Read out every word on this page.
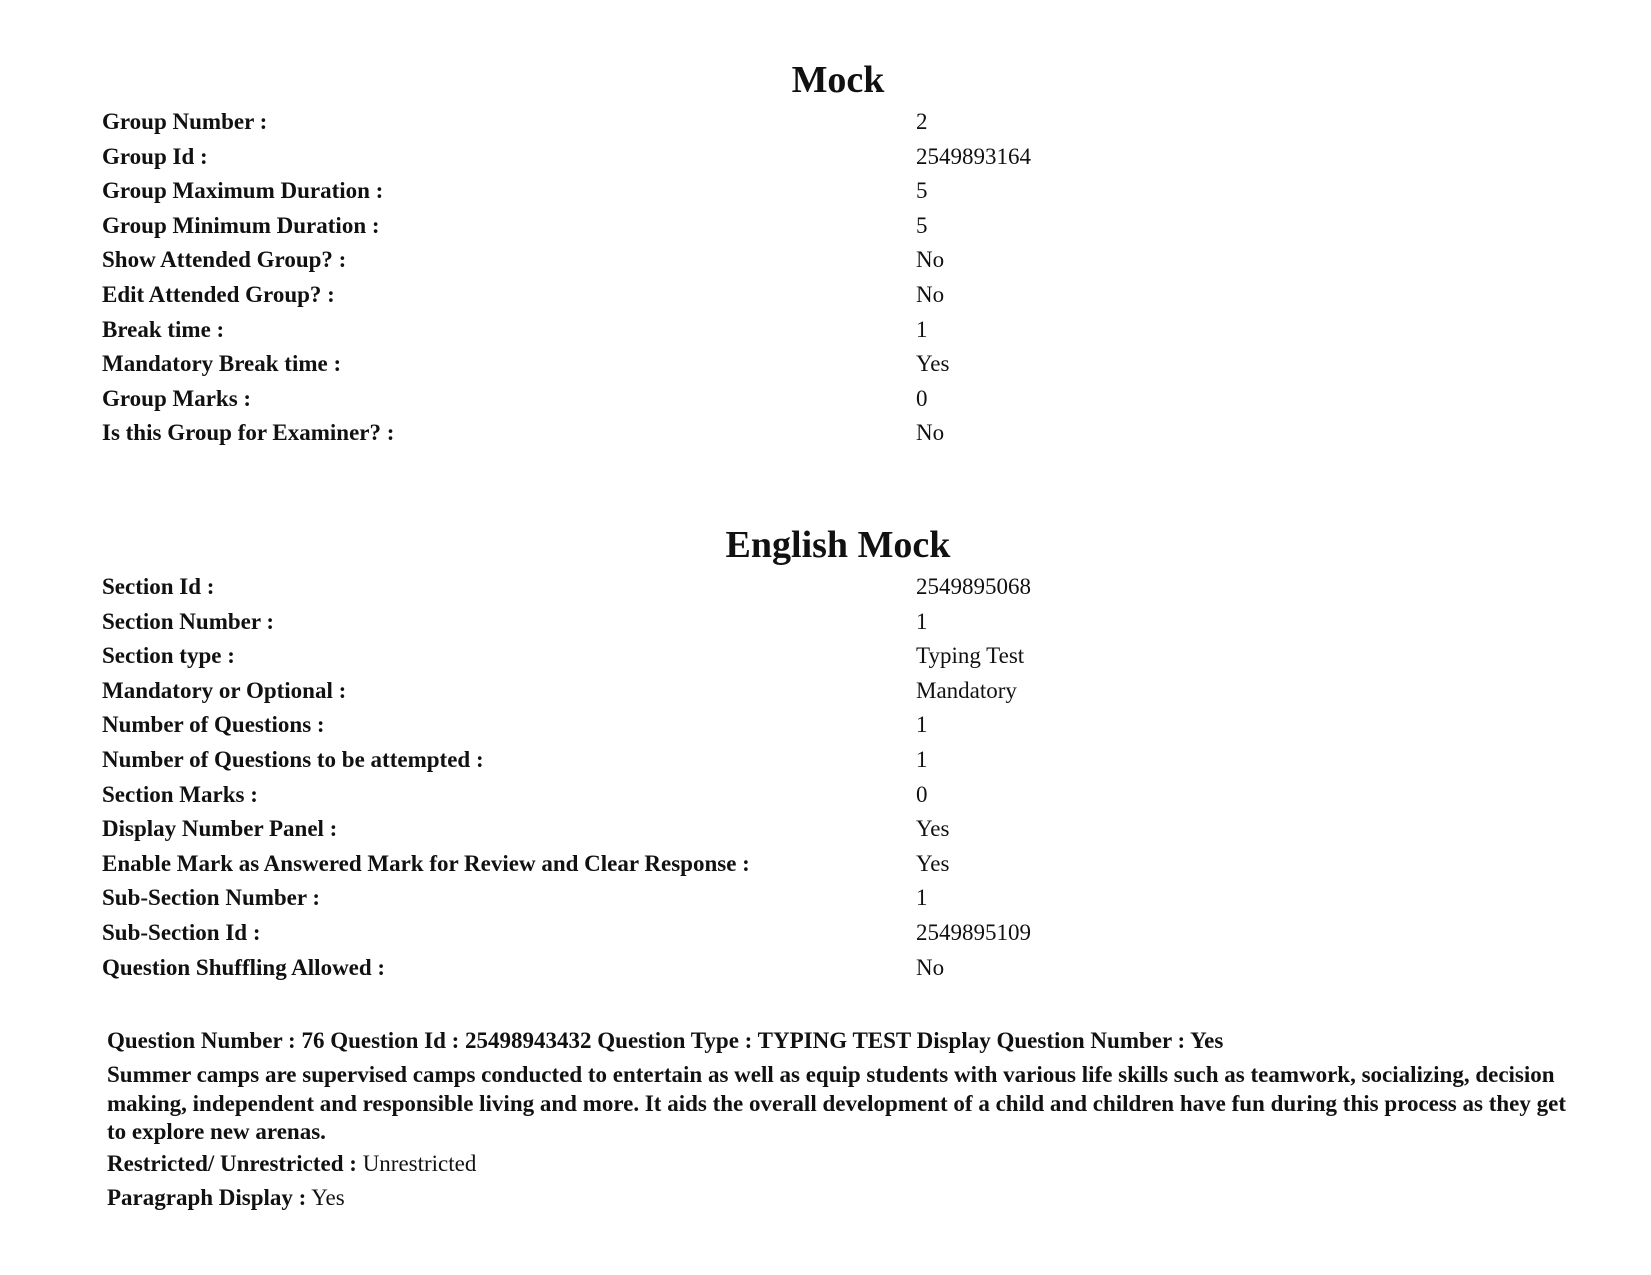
Mock
Group Number :	2
Group Id :	2549893164
Group Maximum Duration :	5
Group Minimum Duration :	5
Show Attended Group? :	No
Edit Attended Group? :	No
Break time :	1
Mandatory Break time :	Yes
Group Marks :	0
Is this Group for Examiner? :	No
English Mock
Section Id :	2549895068
Section Number :	1
Section type :	Typing Test
Mandatory or Optional :	Mandatory
Number of Questions :	1
Number of Questions to be attempted :	1
Section Marks :	0
Display Number Panel :	Yes
Enable Mark as Answered Mark for Review and Clear Response :	Yes
Sub-Section Number :	1
Sub-Section Id :	2549895109
Question Shuffling Allowed :	No
Question Number : 76 Question Id : 25498943432 Question Type : TYPING TEST Display Question Number : Yes
Summer camps are supervised camps conducted to entertain as well as equip students with various life skills such as teamwork, socializing, decision making, independent and responsible living and more. It aids the overall development of a child and children have fun during this process as they get to explore new arenas.
Restricted/ Unrestricted : Unrestricted
Paragraph Display : Yes
